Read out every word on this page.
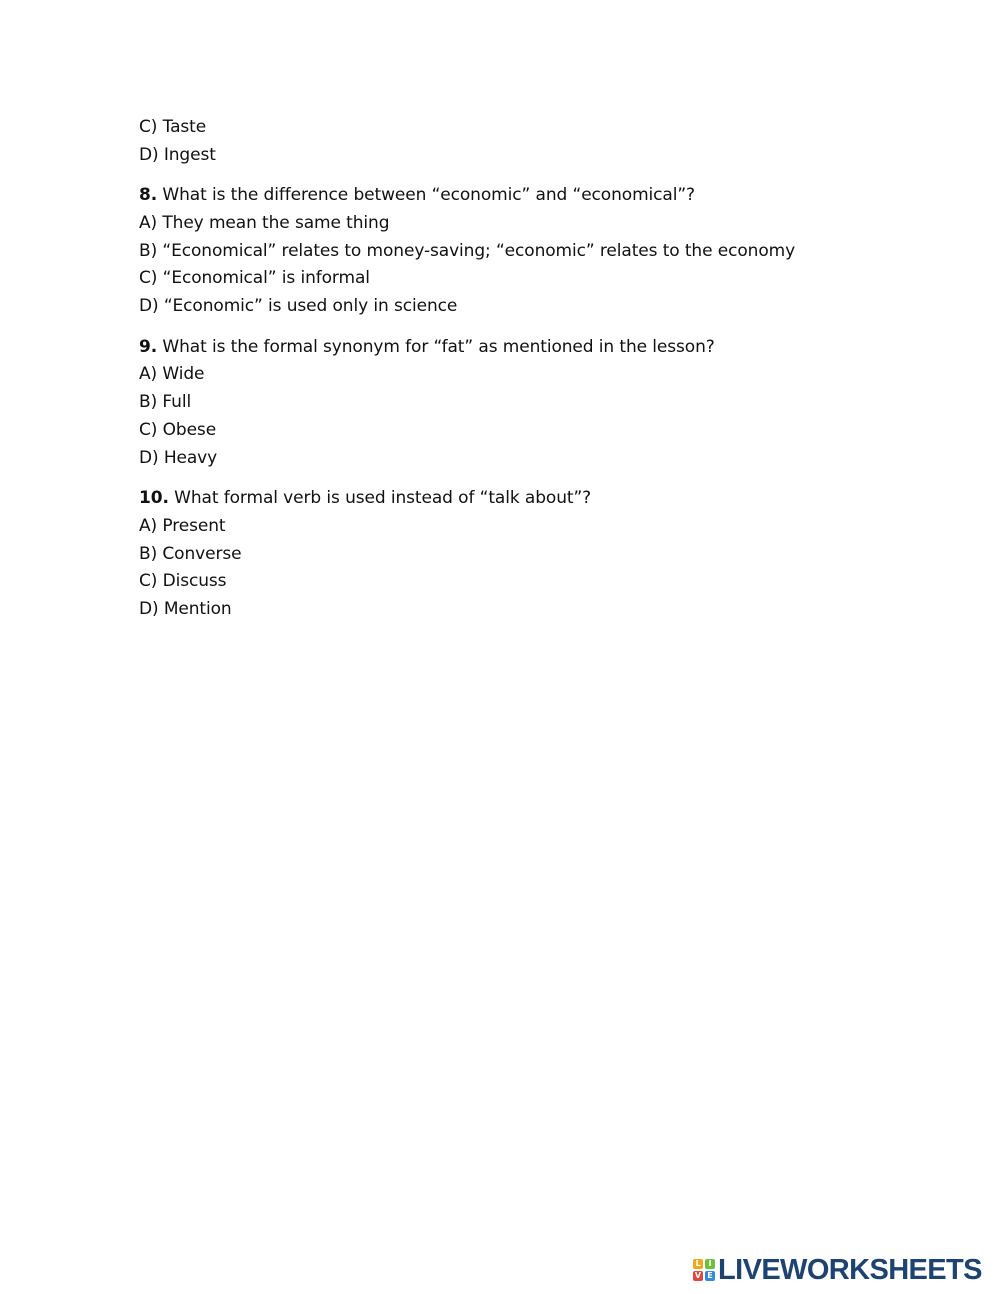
C) Taste
D) Ingest
8. What is the difference between “economic” and “economical”?
A) They mean the same thing
B) “Economical” relates to money-saving; “economic” relates to the economy
C) “Economical” is informal
D) “Economic” is used only in science
9. What is the formal synonym for “fat” as mentioned in the lesson?
A) Wide
B) Full
C) Obese
D) Heavy
10. What formal verb is used instead of “talk about”?
A) Present
B) Converse
C) Discuss
D) Mention
L I
V E LIVEWORKSHEETS
